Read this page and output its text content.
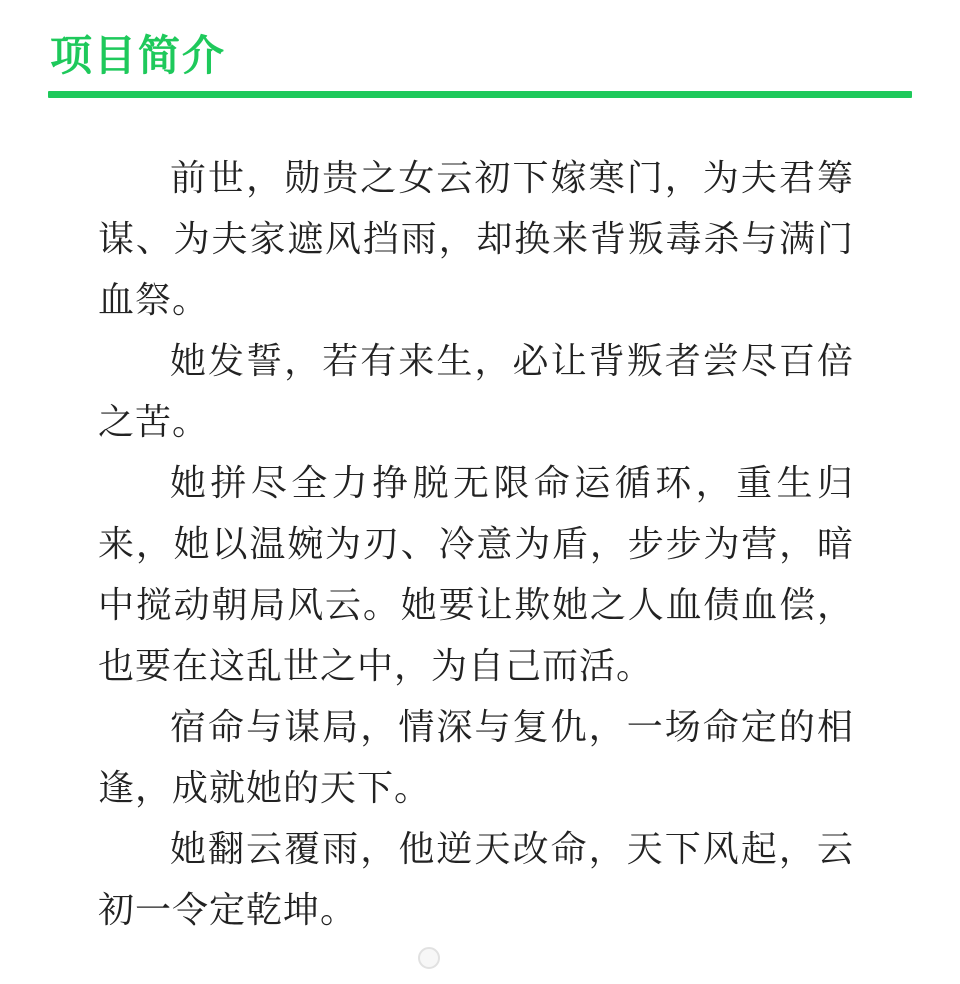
项目简介

前世，勋贵之女云初下嫁寒门，为夫君筹谋、为夫家遮风挡雨，却换来背叛毒杀与满门血祭。

她发誓，若有来生，必让背叛者尝尽百倍之苦。

她拼尽全力挣脱无限命运循环，重生归来，她以温婉为刃、冷意为盾，步步为营，暗中搅动朝局风云。她要让欺她之人血债血偿，也要在这乱世之中，为自己而活。

宿命与谋局，情深与复仇，一场命定的相逢，成就她的天下。

她翻云覆雨，他逆天改命，天下风起，云初一令定乾坤。
